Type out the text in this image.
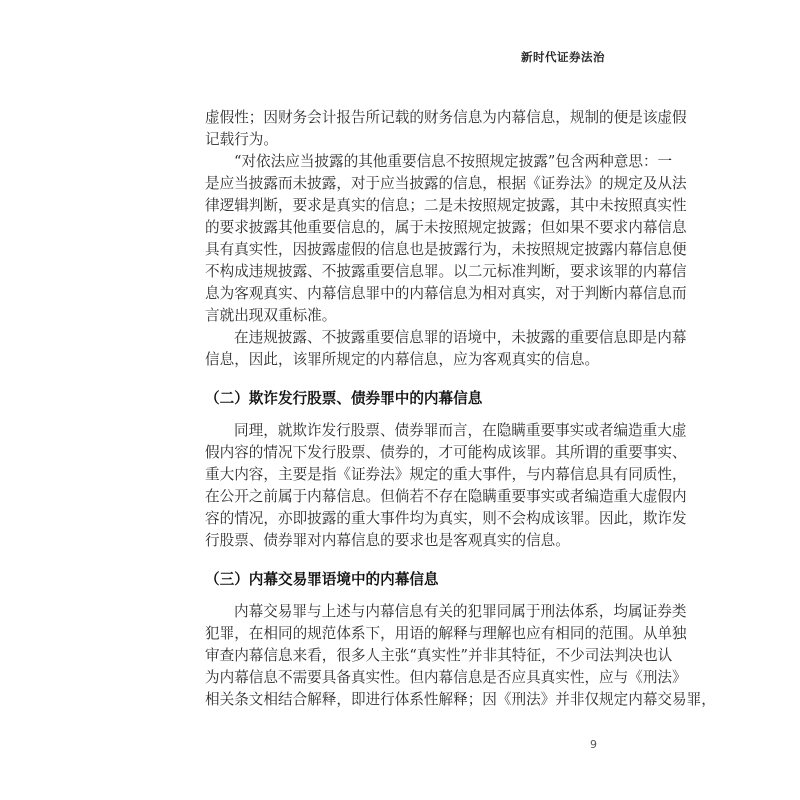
新时代证券法治
虚假性；因财务会计报告所记载的财务信息为内幕信息，规制的便是该虚假
记载行为。
“对依法应当披露的其他重要信息不按照规定披露”包含两种意思：一
是应当披露而未披露，对于应当披露的信息，根据《证券法》的规定及从法
律逻辑判断，要求是真实的信息；二是未按照规定披露，其中未按照真实性
的要求披露其他重要信息的，属于未按照规定披露；但如果不要求内幕信息
具有真实性，因披露虚假的信息也是披露行为，未按照规定披露内幕信息便
不构成违规披露、不披露重要信息罪。以二元标准判断，要求该罪的内幕信
息为客观真实、内幕信息罪中的内幕信息为相对真实，对于判断内幕信息而
言就出现双重标准。
在违规披露、不披露重要信息罪的语境中，未披露的重要信息即是内幕
信息，因此，该罪所规定的内幕信息，应为客观真实的信息。
（二）欺诈发行股票、债券罪中的内幕信息
同理，就欺诈发行股票、债券罪而言，在隐瞒重要事实或者编造重大虚
假内容的情况下发行股票、债券的，才可能构成该罪。其所谓的重要事实、
重大内容，主要是指《证券法》规定的重大事件，与内幕信息具有同质性，
在公开之前属于内幕信息。但倘若不存在隐瞒重要事实或者编造重大虚假内
容的情况，亦即披露的重大事件均为真实，则不会构成该罪。因此，欺诈发
行股票、债券罪对内幕信息的要求也是客观真实的信息。
（三）内幕交易罪语境中的内幕信息
内幕交易罪与上述与内幕信息有关的犯罪同属于刑法体系，均属证券类
犯罪，在相同的规范体系下，用语的解释与理解也应有相同的范围。从单独
审查内幕信息来看，很多人主张“真实性”并非其特征，不少司法判决也认
为内幕信息不需要具备真实性。但内幕信息是否应具真实性，应与《刑法》
相关条文相结合解释，即进行体系性解释；因《刑法》并非仅规定内幕交易罪，
9
